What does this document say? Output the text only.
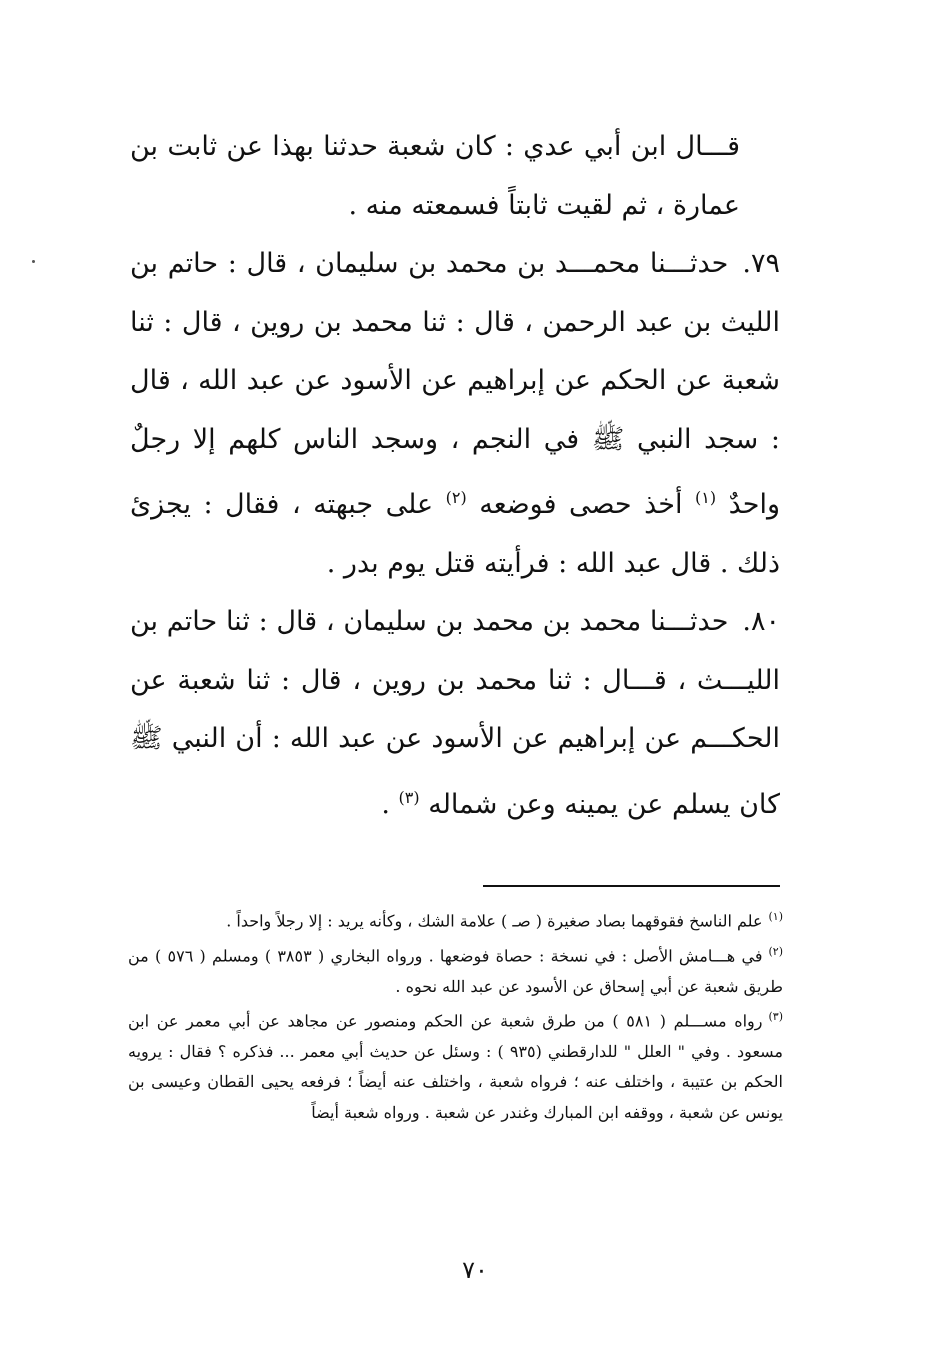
قـــال ابن أبي عدي : كان شعبة حدثنا بهذا عن ثابت بن عمارة ، ثم لقيت ثابتاً فسمعته منه .

٧٩.حدثـــنا محمـــد بن محمد بن سليمان ، قال : حاتم بن الليث بن عبد الرحمن ، قال : ثنا محمد بن روين ، قال : ثنا شعبة عن الحكم عن إبراهيم عن الأسود عن عبد الله ، قال : سجد النبي ﷺ في النجم ، وسجد الناس كلهم إلا رجلٌ واحدٌ $^{(١)}$ أخذ حصى فوضعه $^{(٢)}$ على جبهته ، فقال : يجزئ ذلك . قال عبد الله : فرأيته قتل يوم بدر .

٨٠.حدثـــنا محمد بن محمد بن سليمان ، قال : ثنا حاتم بن الليـــث ، قـــال : ثنا محمد بن روين ، قال : ثنا شعبة عن الحكـــم عن إبراهيم عن الأسود عن عبد الله : أن النبي ﷺ كان يسلم عن يمينه وعن شماله $^{(٣)}$ .

$^{(١)}$علم الناسخ فقوقهما بصاد صغيرة ( صـ ) علامة الشك ، وكأنه يريد : إلا رجلاً واحداً .

$^{(٢)}$في هـــامش الأصل : في نسخة : حصاة فوضعها . ورواه البخاري ( ٣٨٥٣ ) ومسلم ( ٥٧٦ ) من طريق شعبة عن أبي إسحاق عن الأسود عن عبد الله نحوه .

$^{(٣)}$رواه مســـلم ( ٥٨١ ) من طرق شعبة عن الحكم ومنصور عن مجاهد عن أبي معمر عن ابن مسعود . وفي " العلل " للدارقطني (٩٣٥ ) : وسئل عن حديث أبي معمر ... فذكره ؟ فقال : يرويه الحكم بن عتيبة ، واختلف عنه ؛ فرواه شعبة ، واختلف عنه أيضاً ؛ فرفعه يحيى القطان وعيسى بن يونس عن شعبة ، ووقفه ابن المبارك وغندر عن شعبة . ورواه شعبة أيضاً

٧٠
